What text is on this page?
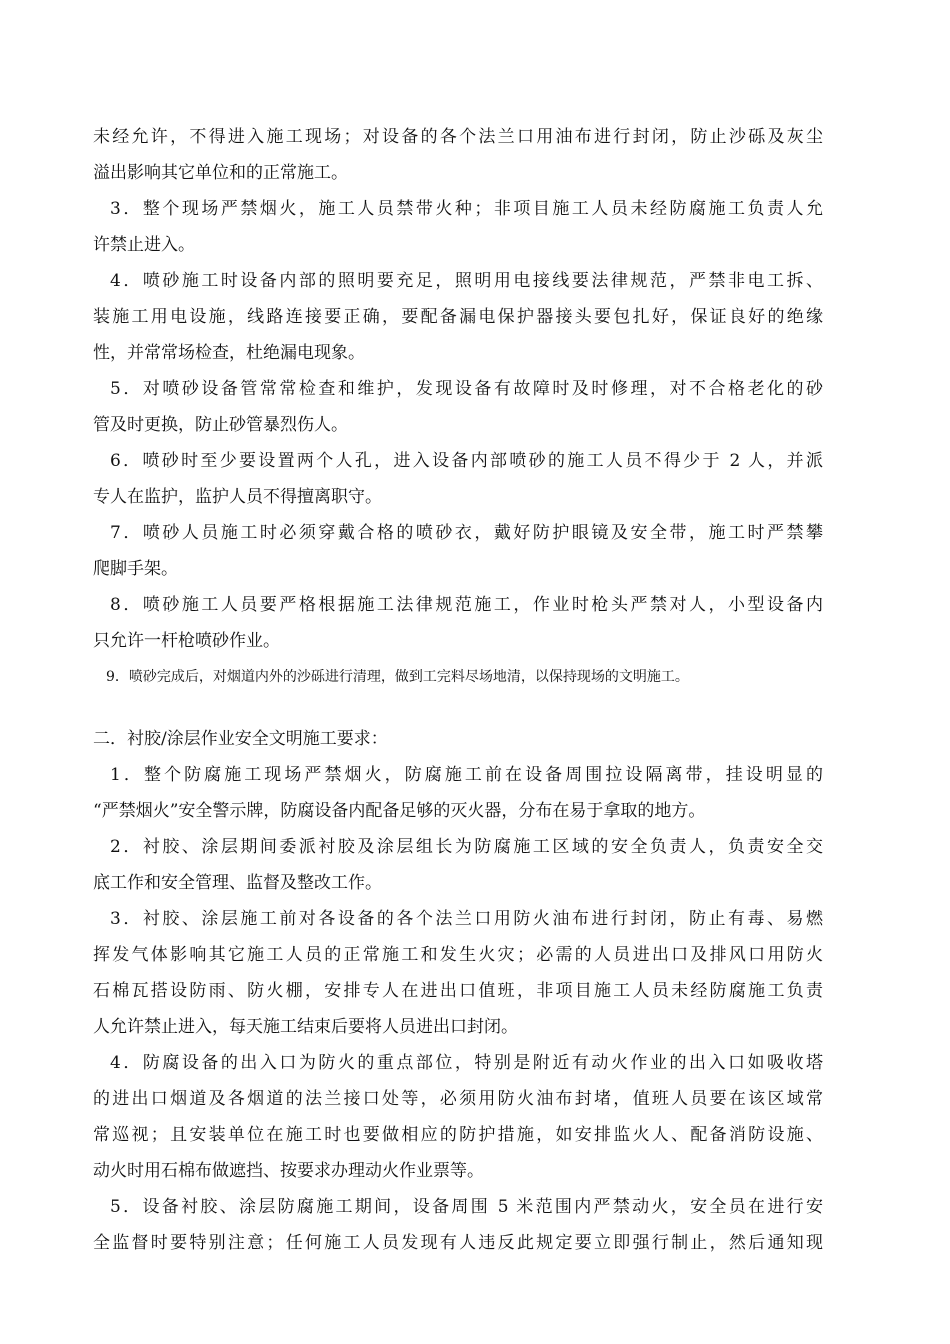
未经允许，不得进入施工现场；对设备的各个法兰口用油布进行封闭，防止沙砾及灰尘
溢出影响其它单位和的正常施工。
3．整个现场严禁烟火，施工人员禁带火种；非项目施工人员未经防腐施工负责人允
许禁止进入。
4．喷砂施工时设备内部的照明要充足，照明用电接线要法律规范，严禁非电工拆、
装施工用电设施，线路连接要正确，要配备漏电保护器接头要包扎好，保证良好的绝缘
性，并常常场检查，杜绝漏电现象。
5．对喷砂设备管常常检查和维护，发现设备有故障时及时修理，对不合格老化的砂
管及时更换，防止砂管暴烈伤人。
6．喷砂时至少要设置两个人孔，进入设备内部喷砂的施工人员不得少于 2 人，并派
专人在监护，监护人员不得擅离职守。
7．喷砂人员施工时必须穿戴合格的喷砂衣，戴好防护眼镜及安全带，施工时严禁攀
爬脚手架。
8．喷砂施工人员要严格根据施工法律规范施工，作业时枪头严禁对人，小型设备内
只允许一杆枪喷砂作业。
9．喷砂完成后，对烟道内外的沙砾进行清理，做到工完料尽场地清，以保持现场的文明施工。
二．衬胶/涂层作业安全文明施工要求：
1．整个防腐施工现场严禁烟火，防腐施工前在设备周围拉设隔离带，挂设明显的
“严禁烟火”安全警示牌，防腐设备内配备足够的灭火器，分布在易于拿取的地方。
2．衬胶、涂层期间委派衬胶及涂层组长为防腐施工区域的安全负责人，负责安全交
底工作和安全管理、监督及整改工作。
3．衬胶、涂层施工前对各设备的各个法兰口用防火油布进行封闭，防止有毒、易燃
挥发气体影响其它施工人员的正常施工和发生火灾；必需的人员进出口及排风口用防火
石棉瓦搭设防雨、防火棚，安排专人在进出口值班，非项目施工人员未经防腐施工负责
人允许禁止进入，每天施工结束后要将人员进出口封闭。
4．防腐设备的出入口为防火的重点部位，特别是附近有动火作业的出入口如吸收塔
的进出口烟道及各烟道的法兰接口处等，必须用防火油布封堵，值班人员要在该区域常
常巡视；且安装单位在施工时也要做相应的防护措施，如安排监火人、配备消防设施、
动火时用石棉布做遮挡、按要求办理动火作业票等。
5．设备衬胶、涂层防腐施工期间，设备周围 5 米范围内严禁动火，安全员在进行安
全监督时要特别注意；任何施工人员发现有人违反此规定要立即强行制止，然后通知现
